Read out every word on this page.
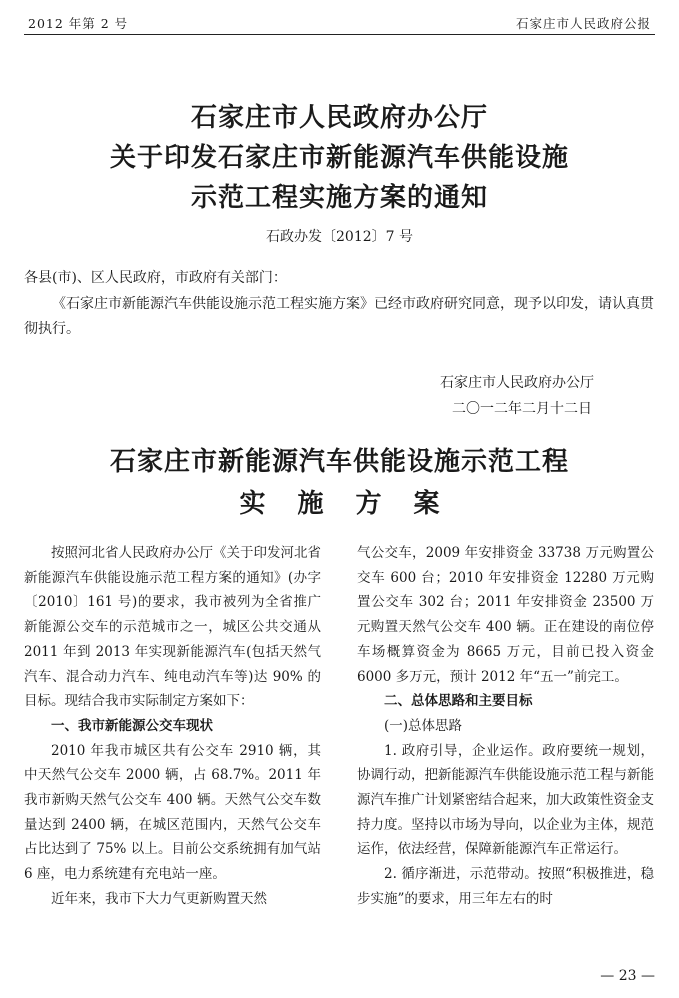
2012 年第 2 号	石家庄市人民政府公报
石家庄市人民政府办公厅
关于印发石家庄市新能源汽车供能设施
示范工程实施方案的通知
石政办发〔2012〕7 号

各县(市)、区人民政府，市政府有关部门：

《石家庄市新能源汽车供能设施示范工程实施方案》已经市政府研究同意，现予以印发，请认真贯彻执行。

石家庄市人民政府办公厅
二〇一二年二月十二日
石家庄市新能源汽车供能设施示范工程
实施方案

按照河北省人民政府办公厅《关于印发河北省新能源汽车供能设施示范工程方案的通知》(办字〔2010〕161 号)的要求，我市被列为全省推广新能源公交车的示范城市之一，城区公共交通从 2011 年到 2013 年实现新能源汽车(包括天然气汽车、混合动力汽车、纯电动汽车等)达 90% 的目标。现结合我市实际制定方案如下：

一、我市新能源公交车现状

2010 年我市城区共有公交车 2910 辆，其中天然气公交车 2000 辆，占 68.7%。2011 年我市新购天然气公交车 400 辆。天然气公交车数量达到 2400 辆，在城区范围内，天然气公交车占比达到了 75% 以上。目前公交系统拥有加气站 6 座，电力系统建有充电站一座。

近年来，我市下大力气更新购置天然

气公交车，2009 年安排资金 33738 万元购置公交车 600 台；2010 年安排资金 12280 万元购置公交车 302 台；2011 年安排资金 23500 万元购置天然气公交车 400 辆。正在建设的南位停车场概算资金为 8665 万元，目前已投入资金 6000 多万元，预计 2012 年“五一”前完工。

二、总体思路和主要目标

(一)总体思路

1. 政府引导，企业运作。政府要统一规划，协调行动，把新能源汽车供能设施示范工程与新能源汽车推广计划紧密结合起来，加大政策性资金支持力度。坚持以市场为导向，以企业为主体，规范运作，依法经营，保障新能源汽车正常运行。

2. 循序渐进，示范带动。按照“积极推进，稳步实施”的要求，用三年左右的时

— 23 —
